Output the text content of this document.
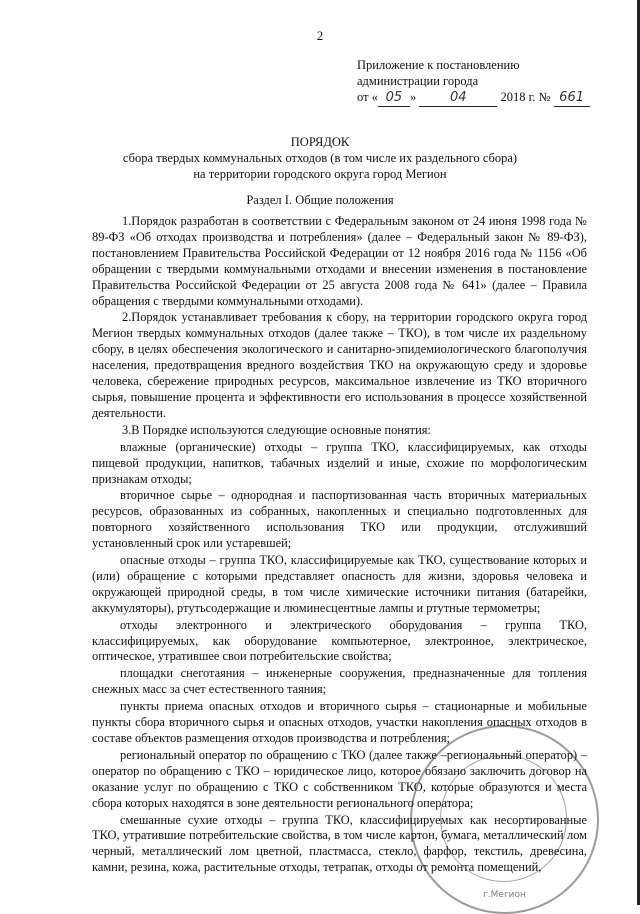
2
Приложение к постановлению
администрации города
от « 05 »	04	2018 г. № 661
ПОРЯДОК
сбора твердых коммунальных отходов (в том числе их раздельного сбора)
на территории городского округа город Мегион
Раздел I. Общие положения

1.Порядок разработан в соответствии с Федеральным законом от 24 июня 1998 года № 89-ФЗ «Об отходах производства и потребления» (далее – Федеральный закон № 89-ФЗ), постановлением Правительства Российской Федерации от 12 ноября 2016 года № 1156 «Об обращении с твердыми коммунальными отходами и внесении изменения в постановление Правительства Российской Федерации от 25 августа 2008 года № 641» (далее – Правила обращения с твердыми коммунальными отходами).

2.Порядок устанавливает требования к сбору, на территории городского округа город Мегион твердых коммунальных отходов (далее также – ТКО), в том числе их раздельному сбору, в целях обеспечения экологического и санитарно-эпидемиологического благополучия населения, предотвращения вредного воздействия ТКО на окружающую среду и здоровье человека, сбережение природных ресурсов, максимальное извлечение из ТКО вторичного сырья, повышение процента и эффективности его использования в процессе хозяйственной деятельности.

3.В Порядке используются следующие основные понятия:

влажные (органические) отходы – группа ТКО, классифицируемых, как отходы пищевой продукции, напитков, табачных изделий и иные, схожие по морфологическим признакам отходы;

вторичное сырье – однородная и паспортизованная часть вторичных материальных ресурсов, образованных из собранных, накопленных и специально подготовленных для повторного хозяйственного использования ТКО или продукции, отслуживший установленный срок или устаревшей;

опасные отходы – группа ТКО, классифицируемые как ТКО, существование которых и (или) обращение с которыми представляет опасность для жизни, здоровья человека и окружающей природной среды, в том числе химические источники питания (батарейки, аккумуляторы), ртутьсодержащие и люминесцентные лампы и ртутные термометры;

отходы электронного и электрического оборудования – группа ТКО, классифицируемых, как оборудование компьютерное, электронное, электрическое, оптическое, утратившее свои потребительские свойства;

площадки снеготаяния – инженерные сооружения, предназначенные для топления снежных масс за счет естественного таяния;

пункты приема опасных отходов и вторичного сырья – стационарные и мобильные пункты сбора вторичного сырья и опасных отходов, участки накопления опасных отходов в составе объектов размещения отходов производства и потребления;

региональный оператор по обращению с ТКО (далее также –региональный оператор) – оператор по обращению с ТКО – юридическое лицо, которое обязано заключить договор на оказание услуг по обращению с ТКО с собственником ТКО, которые образуются и места сбора которых находятся в зоне деятельности регионального оператора;

смешанные сухие отходы – группа ТКО, классифицируемых как несортированные ТКО, утратившие потребительские свойства, в том числе картон, бумага, металлический лом черный, металлический лом цветной, пластмасса, стекло, фарфор, текстиль, древесина, камни, резина, кожа, растительные отходы, тетрапак, отходы от ремонта помещений,

г.Мегион
